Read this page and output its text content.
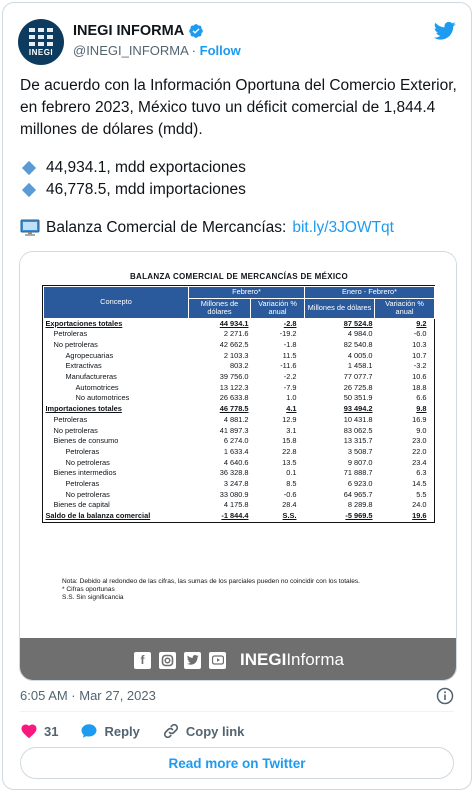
INEGI
INEGI INFORMA
@INEGI_INFORMA · Follow
De acuerdo con la Información Oportuna del Comercio Exterior, en febrero 2023, México tuvo un déficit comercial de 1,844.4 millones de dólares (mdd).
44,934.1, mdd exportaciones
46,778.5, mdd importaciones
Balanza Comercial de Mercancías: bit.ly/3JOWTqt
BALANZA COMERCIAL DE MERCANCÍAS DE MÉXICO
Concepto	Febrero*		Enero - Febrero*	
	Millones de dólares	Variación % anual	Millones de dólares	Variación % anual
Exportaciones totales	44 934.1	-2.8	87 524.8	9.2
Petroleras	2 271.6	-19.2	4 984.0	-6.0
No petroleras	42 662.5	-1.8	82 540.8	10.3
Agropecuarias	2 103.3	11.5	4 005.0	10.7
Extractivas	803.2	-11.6	1 458.1	-3.2
Manufactureras	39 756.0	-2.2	77 077.7	10.6
Automotrices	13 122.3	-7.9	26 725.8	18.8
No automotrices	26 633.8	1.0	50 351.9	6.6
Importaciones totales	46 778.5	4.1	93 494.2	9.8
Petroleras	4 881.2	12.9	10 431.8	16.9
No petroleras	41 897.3	3.1	83 062.5	9.0
Bienes de consumo	6 274.0	15.8	13 315.7	23.0
Petroleras	1 633.4	22.8	3 508.7	22.0
No petroleras	4 640.6	13.5	9 807.0	23.4
Bienes intermedios	36 328.8	0.1	71 888.7	6.3
Petroleras	3 247.8	8.5	6 923.0	14.5
No petroleras	33 080.9	-0.6	64 965.7	5.5
Bienes de capital	4 175.8	28.4	8 289.8	24.0
Saldo de la balanza comercial	-1 844.4	S.S.	-5 969.5	19.6
Nota: Debido al redondeo de las cifras, las sumas de los parciales pueden no coincidir con los totales.
* Cifras oportunas
S.S. Sin significancia
f	INEGIInforma
6:05 AM · Mar 27, 2023
31	Reply	Copy link
Read more on Twitter
